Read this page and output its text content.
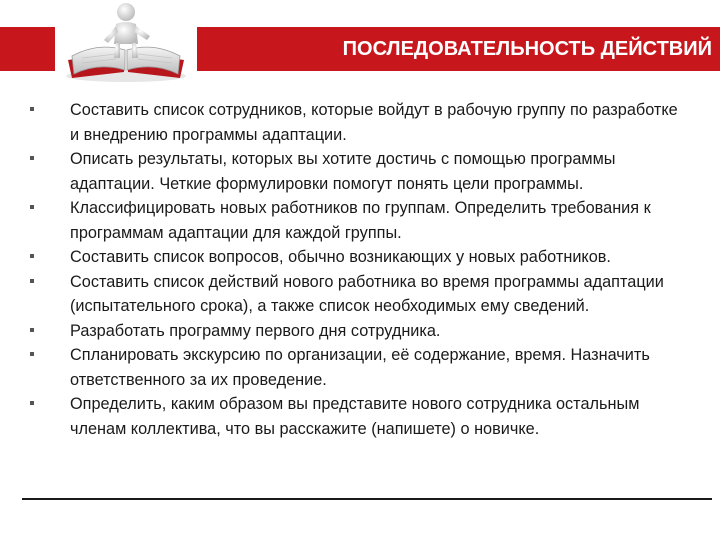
ПОСЛЕДОВАТЕЛЬНОСТЬ ДЕЙСТВИЙ
Составить список сотрудников, которые войдут в рабочую группу по разработке и внедрению программы адаптации.
Описать результаты, которых вы хотите достичь с помощью программы адаптации. Четкие формулировки помогут понять цели программы.
Классифицировать новых работников по группам. Определить требования к программам адаптации для каждой группы.
Составить список вопросов, обычно возникающих у новых работников.
Составить список действий нового работника во время программы адаптации (испытательного срока), а также список необходимых ему сведений.
Разработать программу первого дня сотрудника.
Спланировать экскурсию по организации, её содержание, время. Назначить ответственного за их проведение.
Определить, каким образом вы представите нового сотрудника остальным членам коллектива, что вы расскажите (напишете) о новичке.
